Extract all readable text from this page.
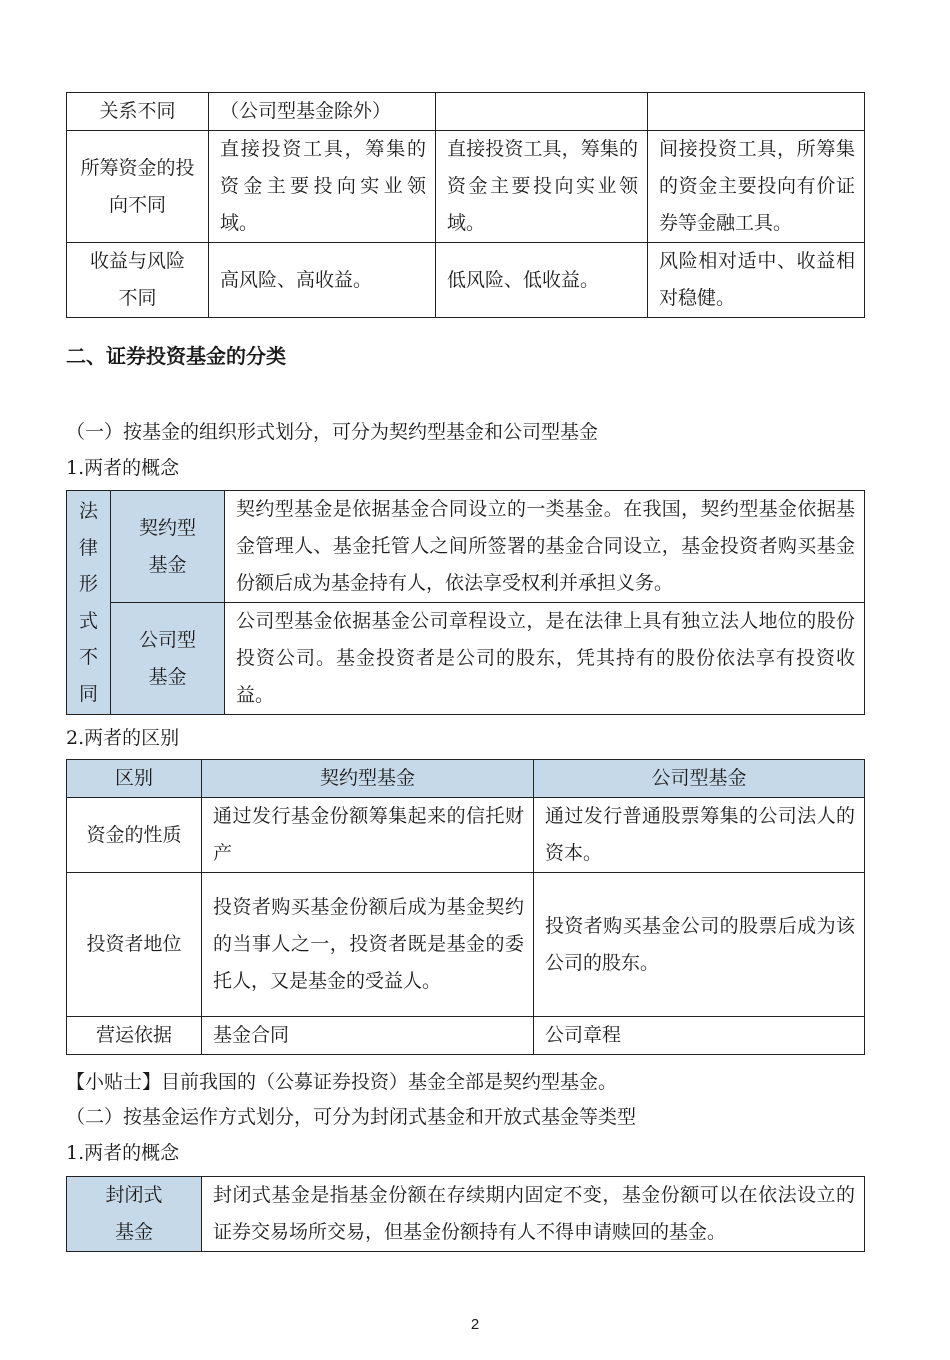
关系不同	（公司型基金除外）		
所筹资金的投向不同	直接投资工具，筹集的资金主要投向实业领域。	直接投资工具，筹集的资金主要投向实业领域。	间接投资工具，所筹集的资金主要投向有价证券等金融工具。
收益与风险不同	高风险、高收益。	低风险、低收益。	风险相对适中、收益相对稳健。
二、证券投资基金的分类
（一）按基金的组织形式划分，可分为契约型基金和公司型基金
1.两者的概念
法律形式不同	契约型基金	契约型基金是依据基金合同设立的一类基金。在我国，契约型基金依据基金管理人、基金托管人之间所签署的基金合同设立，基金投资者购买基金份额后成为基金持有人，依法享受权利并承担义务。
	公司型基金	公司型基金依据基金公司章程设立，是在法律上具有独立法人地位的股份投资公司。基金投资者是公司的股东，凭其持有的股份依法享有投资收益。
2.两者的区别
区别	契约型基金	公司型基金
资金的性质	通过发行基金份额筹集起来的信托财产	通过发行普通股票筹集的公司法人的资本。
投资者地位	投资者购买基金份额后成为基金契约的当事人之一，投资者既是基金的委托人，又是基金的受益人。	投资者购买基金公司的股票后成为该公司的股东。
营运依据	基金合同	公司章程
【小贴士】目前我国的（公募证券投资）基金全部是契约型基金。
（二）按基金运作方式划分，可分为封闭式基金和开放式基金等类型
1.两者的概念
封闭式基金	封闭式基金是指基金份额在存续期内固定不变，基金份额可以在依法设立的证券交易场所交易，但基金份额持有人不得申请赎回的基金。
2
